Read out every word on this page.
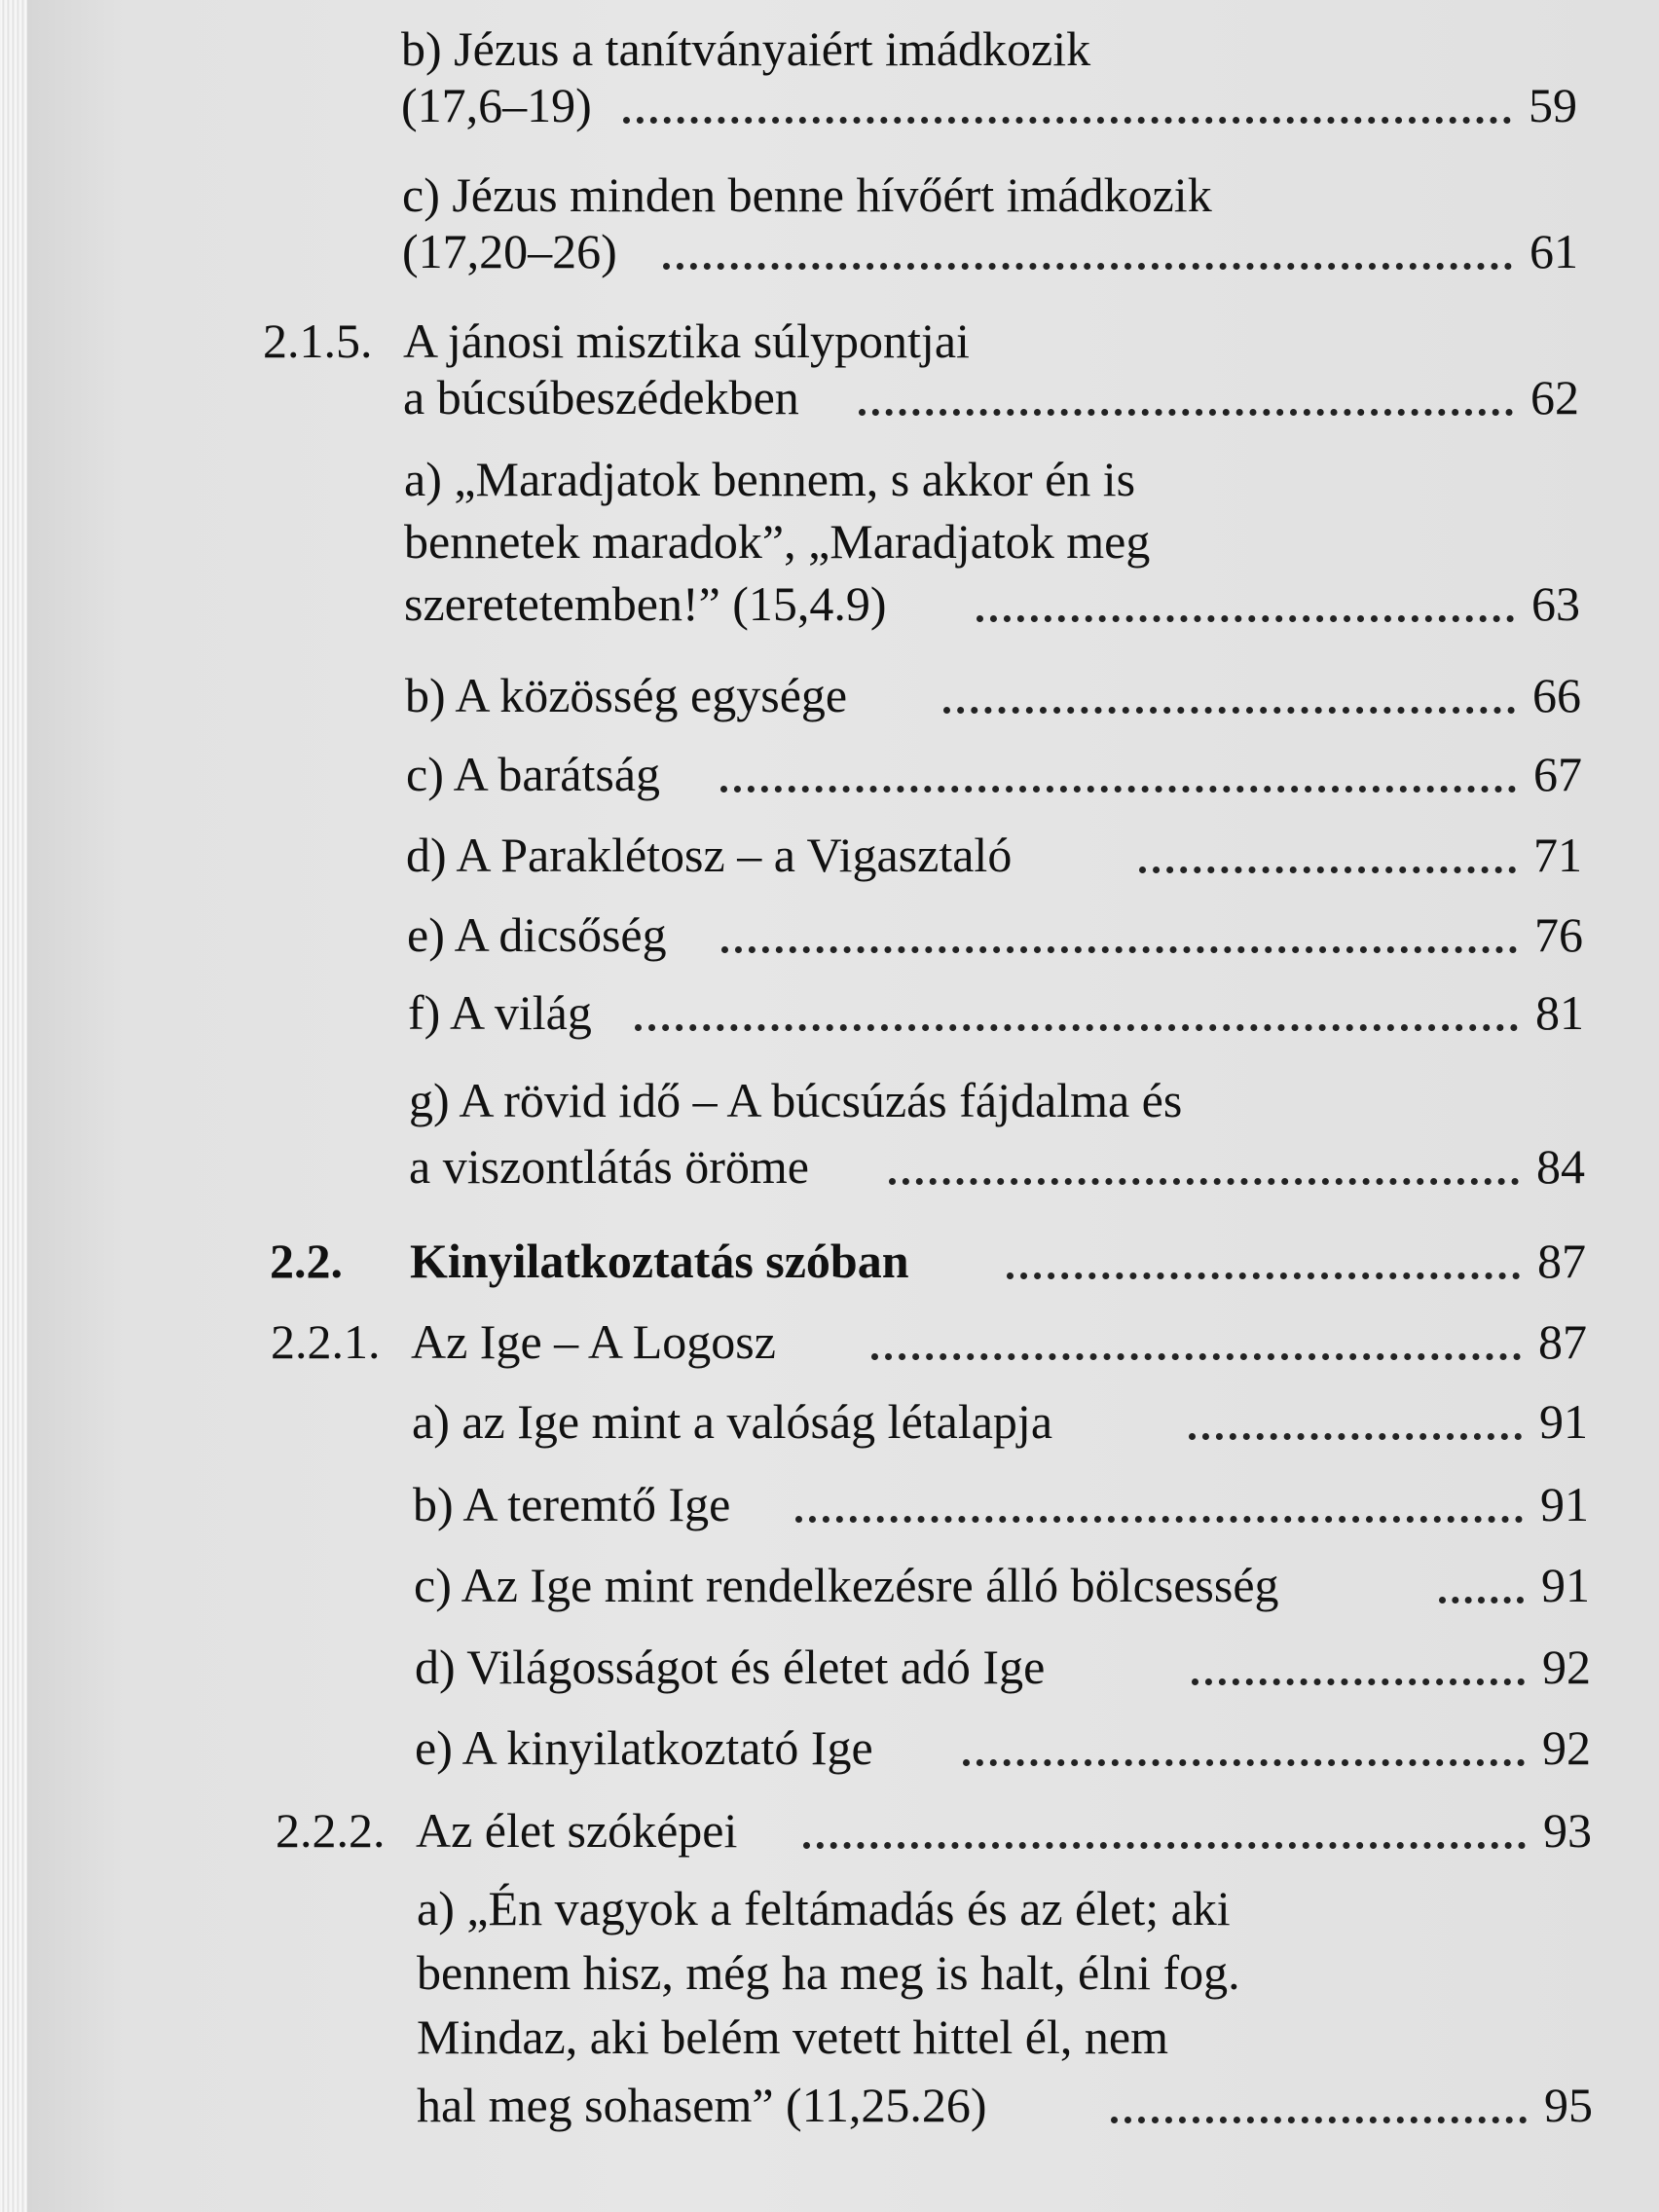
b) Jézus a tanítványaiért imádkozik
(17,6–19)	59
c) Jézus minden benne hívőért imádkozik
(17,20–26)	61
2.1.5. A jánosi misztika súlypontjai
a búcsúbeszédekben	62
a) „Maradjatok bennem, s akkor én is
bennetek maradok”, „Maradjatok meg
szeretetemben!” (15,4.9)	63
b) A közösség egysége	66
c) A barátság	67
d) A Paraklétosz – a Vigasztaló	71
e) A dicsőség	76
f) A világ	81
g) A rövid idő – A búcsúzás fájdalma és
a viszontlátás öröme	84
2.2. Kinyilatkoztatás szóban	87
2.2.1. Az Ige – A Logosz	87
a) az Ige mint a valóság létalapja	91
b) A teremtő Ige	91
c) Az Ige mint rendelkezésre álló bölcsesség	91
d) Világosságot és életet adó Ige	92
e) A kinyilatkoztató Ige	92
2.2.2. Az élet szóképei	93
a) „Én vagyok a feltámadás és az élet; aki
bennem hisz, még ha meg is halt, élni fog.
Mindaz, aki belém vetett hittel él, nem
hal meg sohasem” (11,25.26)	95
